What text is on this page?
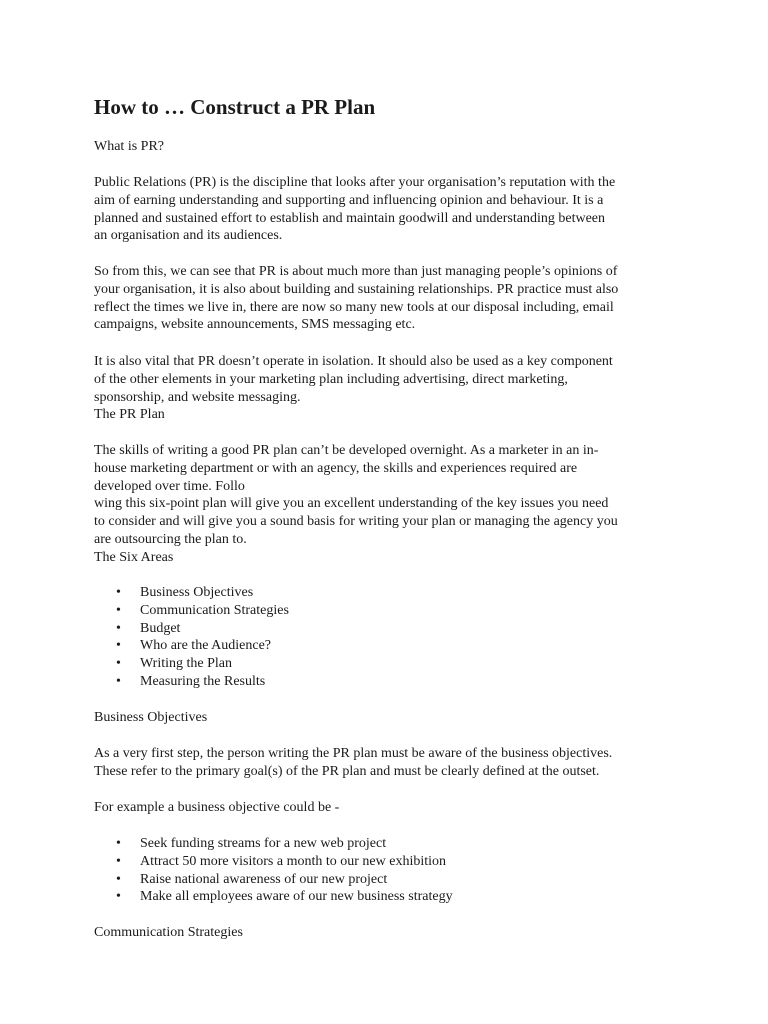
How to … Construct a PR Plan

What is PR?

Public Relations (PR) is the discipline that looks after your organisation’s reputation with the
aim of earning understanding and supporting and influencing opinion and behaviour. It is a
planned and sustained effort to establish and maintain goodwill and understanding between
an organisation and its audiences.

So from this, we can see that PR is about much more than just managing people’s opinions of
your organisation, it is also about building and sustaining relationships. PR practice must also
reflect the times we live in, there are now so many new tools at our disposal including, email
campaigns, website announcements, SMS messaging etc.

It is also vital that PR doesn’t operate in isolation. It should also be used as a key component
of the other elements in your marketing plan including advertising, direct marketing,
sponsorship, and website messaging.
The PR Plan

The skills of writing a good PR plan can’t be developed overnight. As a marketer in an in-
house marketing department or with an agency, the skills and experiences required are
developed over time. Follo
wing this six-point plan will give you an excellent understanding of the key issues you need
to consider and will give you a sound basis for writing your plan or managing the agency you
are outsourcing the plan to.
The Six Areas

• Business Objectives
• Communication Strategies
• Budget
• Who are the Audience?
• Writing the Plan
• Measuring the Results

Business Objectives

As a very first step, the person writing the PR plan must be aware of the business objectives.
These refer to the primary goal(s) of the PR plan and must be clearly defined at the outset.

For example a business objective could be -

• Seek funding streams for a new web project
• Attract 50 more visitors a month to our new exhibition
• Raise national awareness of our new project
• Make all employees aware of our new business strategy

Communication Strategies
